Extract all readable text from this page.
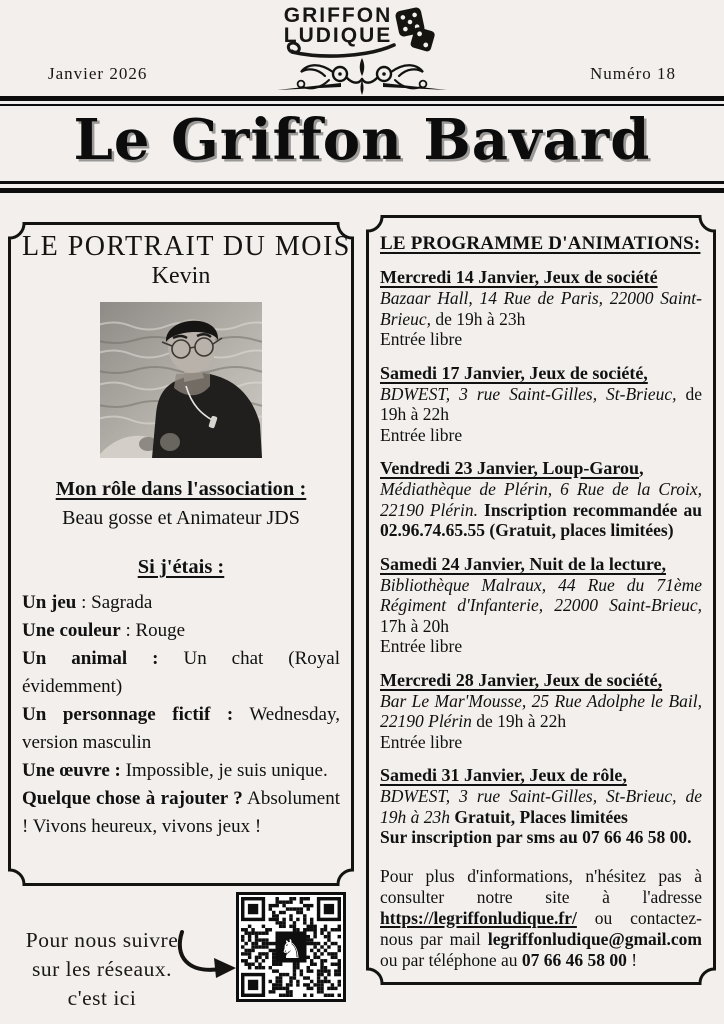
GRIFFON
LUDIQUE
Janvier 2026	Numéro 18
Le Griffon Bavard
LE PORTRAIT DU MOIS
Kevin
Mon rôle dans l'association :

Beau gosse et Animateur JDS

Si j'étais :

Un jeu : Sagrada

Une couleur : Rouge

Un animal : Un chat (Royal évidemment)

Un personnage fictif : Wednesday, version masculin

Une œuvre : Impossible, je suis unique.

Quelque chose à rajouter ? Absolument ! Vivons heureux, vivons jeux !

LE PROGRAMME D'ANIMATIONS:
Mercredi 14 Janvier, Jeux de société

Bazaar Hall, 14 Rue de Paris, 22000 Saint-Brieuc, de 19h à 23h

Entrée libre
Samedi 17 Janvier, Jeux de société,

BDWEST, 3 rue Saint-Gilles, St-Brieuc, de 19h à 22h

Entrée libre
Vendredi 23 Janvier, Loup-Garou,

Médiathèque de Plérin, 6 Rue de la Croix, 22190 Plérin. Inscription recommandée au 02.96.74.65.55 (Gratuit, places limitées)

Samedi 24 Janvier, Nuit de la lecture,

Bibliothèque Malraux, 44 Rue du 71ème Régiment d'Infanterie, 22000 Saint-Brieuc, 17h à 20h

Entrée libre
Mercredi 28 Janvier, Jeux de société,

Bar Le Mar'Mousse, 25 Rue Adolphe le Bail, 22190 Plérin de 19h à 22h

Entrée libre
Samedi 31 Janvier, Jeux de rôle,

BDWEST, 3 rue Saint-Gilles, St-Brieuc, de 19h à 23h Gratuit, Places limitées

Sur inscription par sms au 07 66 46 58 00.

Pour plus d'informations, n'hésitez pas à consulter notre site à l'adresse https://legriffonludique.fr/ ou contactez-nous par mail legriffonludique@gmail.com ou par téléphone au 07 66 46 58 00 !

Pour nous suivre
sur les réseaux.
c'est ici
♞
